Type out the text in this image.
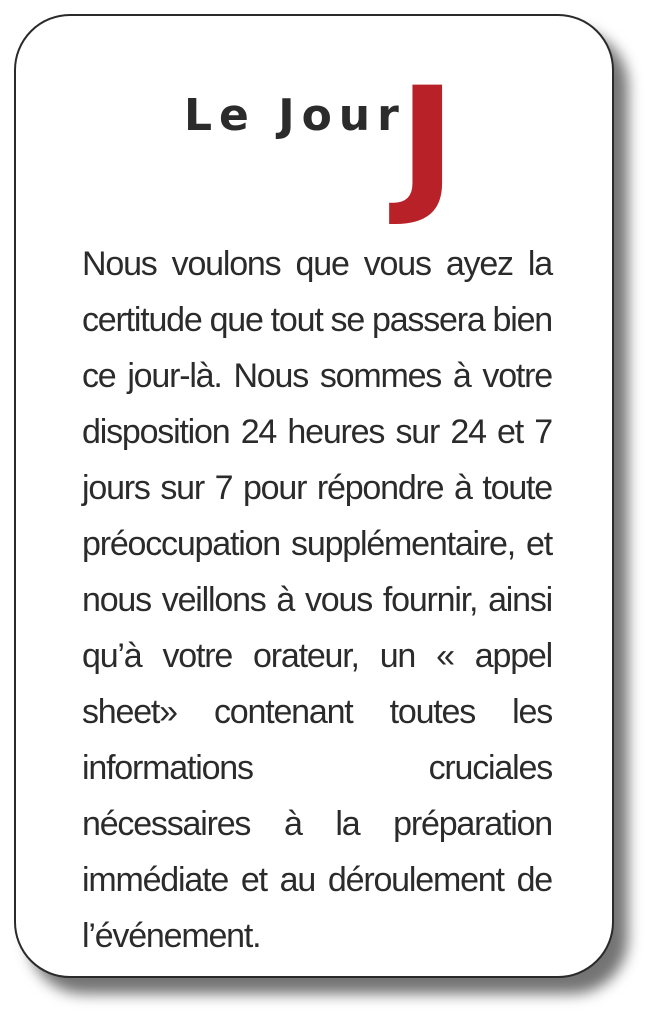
Le Jour
J

Nous voulons que vous ayez la certitude que tout se passera bien ce jour-là. Nous sommes à votre disposition 24 heures sur 24 et 7 jours sur 7 pour répondre à toute préoccupation supplémentaire, et nous veillons à vous fournir, ainsi qu’à votre orateur, un « appel sheet» contenant toutes les informations cruciales nécessaires à la préparation immédiate et au déroulement de l’événement.
